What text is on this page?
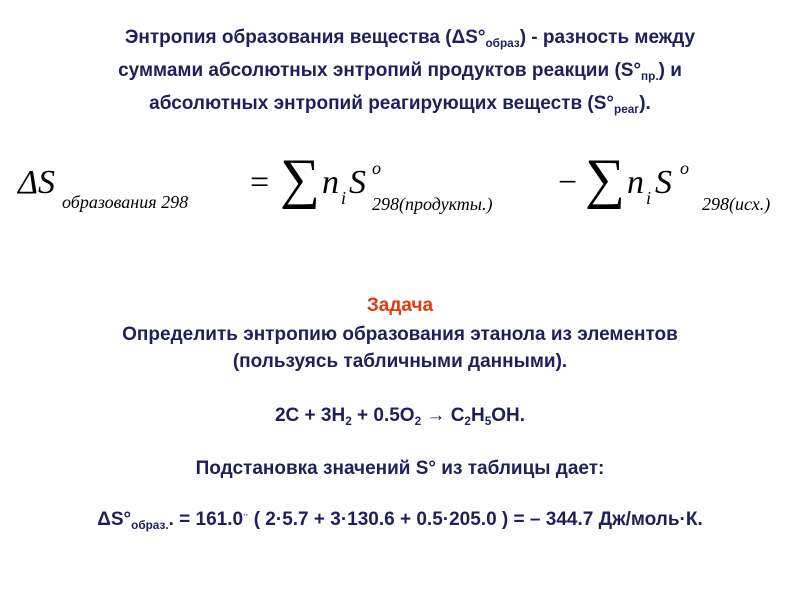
Энтропия образования вещества $(\Delta S^\circ_{образ})$ - разность между
суммами абсолютных энтропий продуктов реакции $(S^\circ_{пр.})$ и
абсолютных энтропий реагирующих веществ $(S^\circ_{реаг})$.
ΔS
образования 298
= ∑ n i S o
298(продукты.)
− ∑ n i S o
298(исх.)
Задача
Определить энтропию образования этанола из элементов
(пользуясь табличными данными).
$2C + 3H_2 + 0.5O_2 \to C_2H_5OH$.
Подстановка значений S° из таблицы дает:
$\Delta S^\circ_{образ.}$. = 161.0·· ( 2·5.7 + 3·130.6 + 0.5·205.0 ) = – 344.7 Дж/моль·К.
